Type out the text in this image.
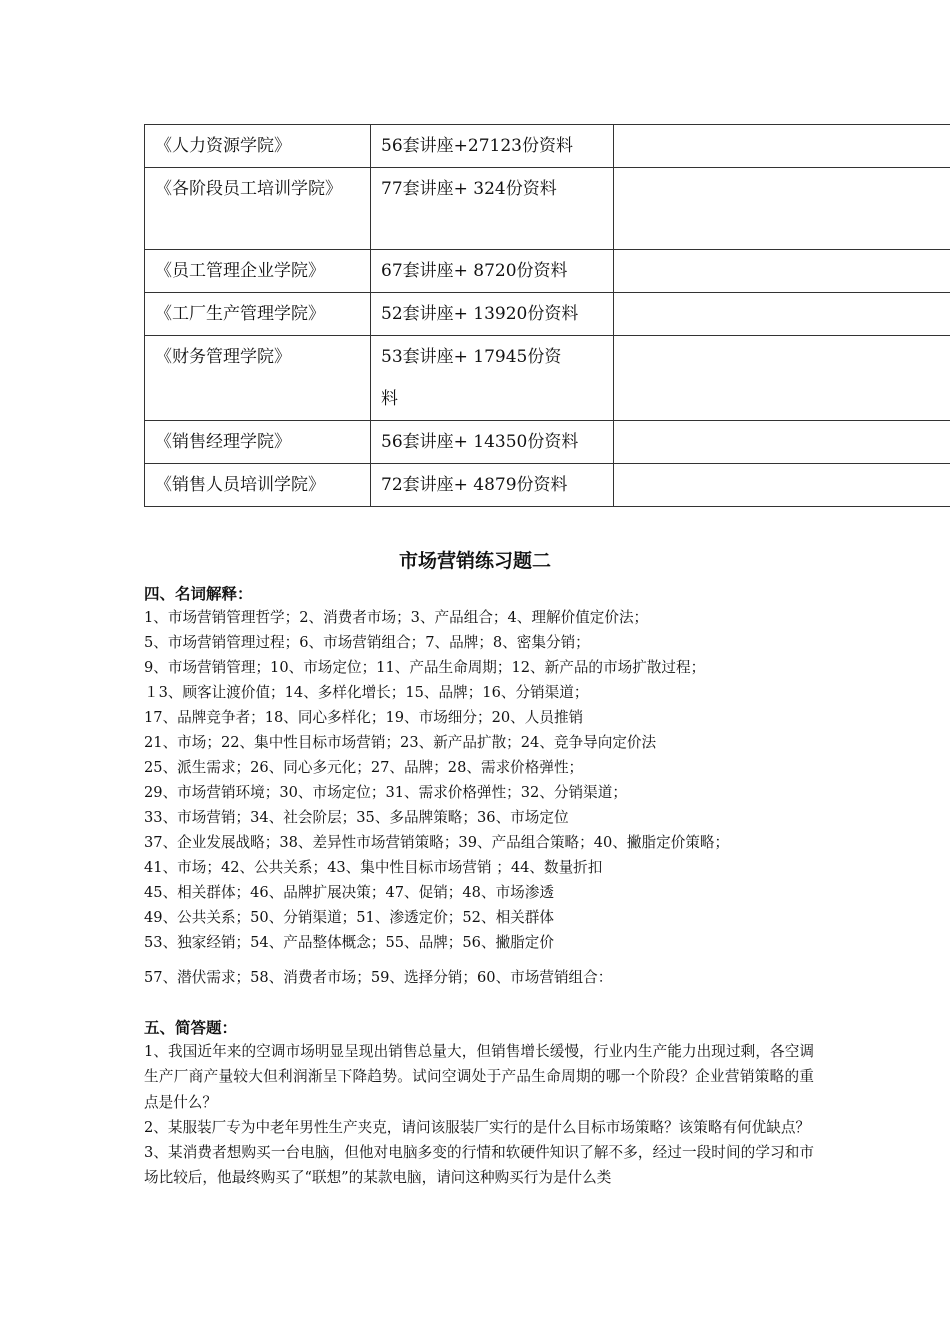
《人力资源学院》	56套讲座+27123份资料	
《各阶段员工培训学院》	77套讲座+ 324份资料	
《员工管理企业学院》	67套讲座+ 8720份资料	
《工厂生产管理学院》	52套讲座+ 13920份资料	
《财务管理学院》	53套讲座+ 17945份资料	
《销售经理学院》	56套讲座+ 14350份资料	
《销售人员培训学院》	72套讲座+ 4879份资料	
市场营销练习题二
四、名词解释：
1、市场营销管理哲学；2、消费者市场；3、产品组合；4、理解价值定价法；
5、市场营销管理过程；6、市场营销组合；7、品牌；8、密集分销；
9、市场营销管理；10、市场定位；11、产品生命周期；12、新产品的市场扩散过程；
１3、顾客让渡价值；14、多样化增长；15、品牌；16、分销渠道；
17、品牌竞争者；18、同心多样化；19、市场细分；20、人员推销
21、市场；22、集中性目标市场营销；23、新产品扩散；24、竞争导向定价法
25、派生需求；26、同心多元化；27、品牌；28、需求价格弹性；
29、市场营销环境；30、市场定位；31、需求价格弹性；32、分销渠道；
33、市场营销；34、社会阶层；35、多品牌策略；36、市场定位
37、企业发展战略；38、差异性市场营销策略；39、产品组合策略；40、撇脂定价策略；
41、市场；42、公共关系；43、集中性目标市场营销 ；44、数量折扣
45、相关群体；46、品牌扩展决策；47、促销；48、市场渗透
49、公共关系；50、分销渠道；51、渗透定价；52、相关群体
53、独家经销；54、产品整体概念；55、品牌；56、撇脂定价
57、潜伏需求；58、消费者市场；59、选择分销；60、市场营销组合：
五、简答题：
1、我国近年来的空调市场明显呈现出销售总量大，但销售增长缓慢，行业内生产能力出现过剩，各空调生产厂商产量较大但利润渐呈下降趋势。试问空调处于产品生命周期的哪一个阶段？企业营销策略的重点是什么？
2、某服装厂专为中老年男性生产夹克，请问该服装厂实行的是什么目标市场策略？该策略有何优缺点？
3、某消费者想购买一台电脑，但他对电脑多变的行情和软硬件知识了解不多，经过一段时间的学习和市场比较后，他最终购买了“联想”的某款电脑，请问这种购买行为是什么类
